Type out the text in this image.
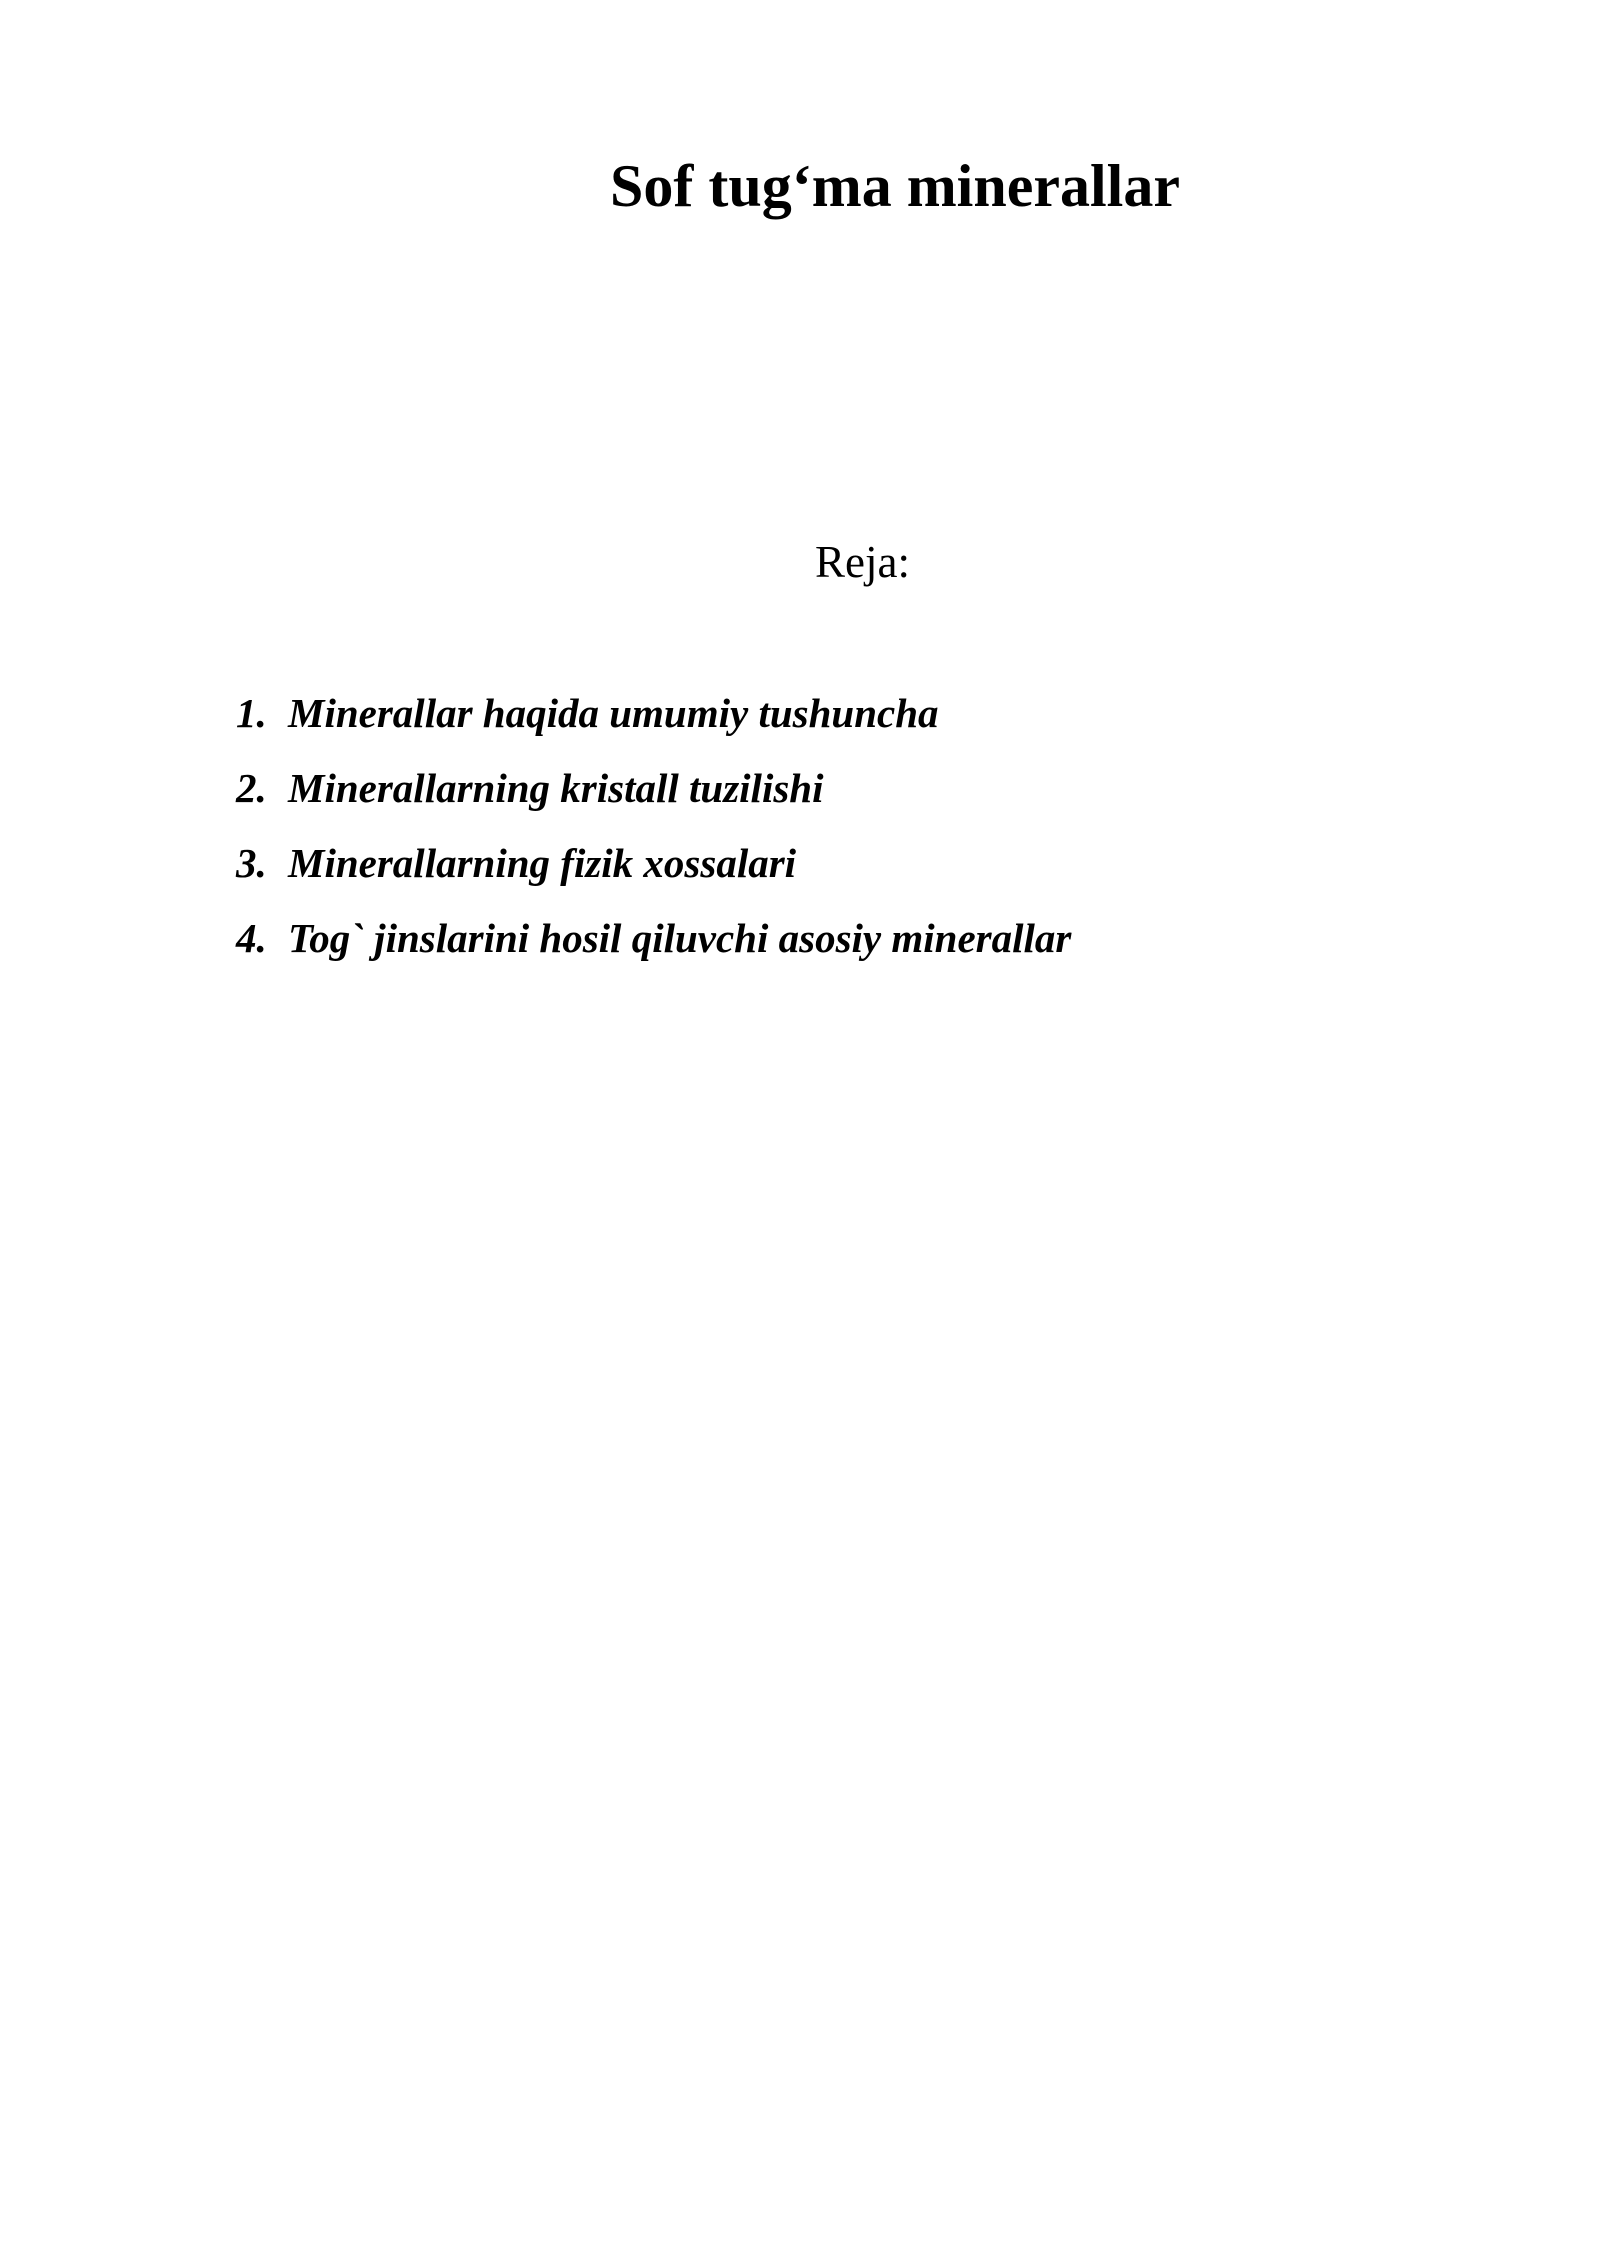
Sof tug‘ma minerallar

Reja:

1. Minerallar haqida umumiy tushuncha
2. Minerallarning kristall tuzilishi
3. Minerallarning fizik xossalari
4. Tog` jinslarini hosil qiluvchi asosiy minerallar
